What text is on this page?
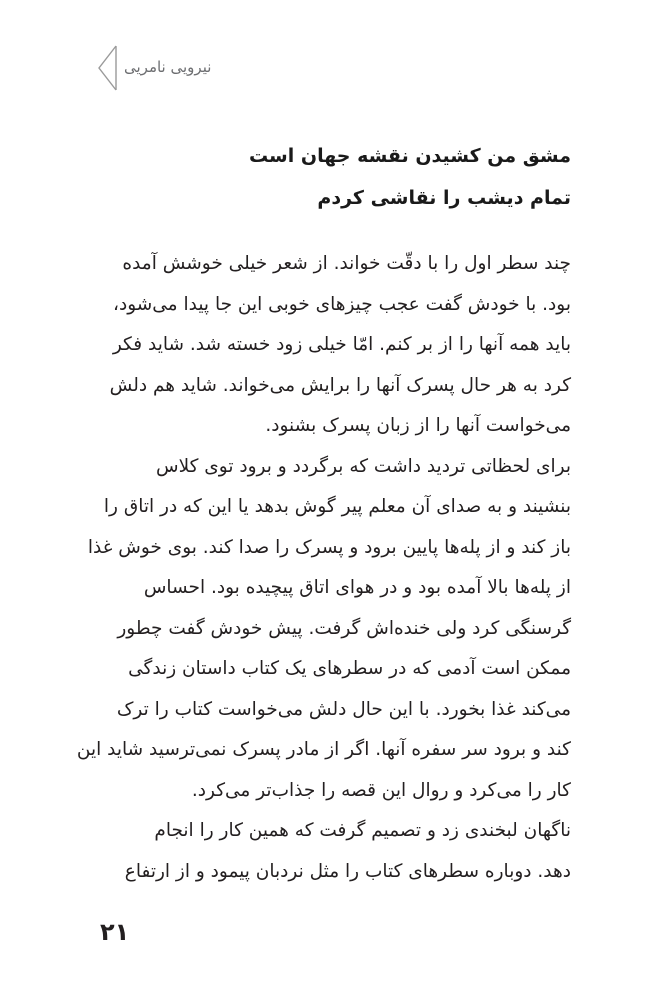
نیرویی نامریی
مشق من کشیدن نقشه جهان است
تمام دیشب را نقاشی کردم
چند سطر اول را با دقّت خواند. از شعر خیلی خوشش آمده
بود. با خودش گفت عجب چیزهای خوبی این جا پیدا می‌شود،
باید همه آنها را از بر کنم. امّا خیلی زود خسته شد. شاید فکر
کرد به هر حال پسرک آنها را برایش می‌خواند. شاید هم دلش
می‌خواست آنها را از زبان پسرک بشنود.
برای لحظاتی تردید داشت که برگردد و برود توی کلاس
بنشیند و به صدای آن معلم پیر گوش بدهد یا این که در اتاق را
باز کند و از پله‌ها پایین برود و پسرک را صدا کند. بوی خوش غذا
از پله‌ها بالا آمده بود و در هوای اتاق پیچیده بود. احساس
گرسنگی کرد ولی خنده‌اش گرفت. پیش خودش گفت چطور
ممکن است آدمی که در سطرهای یک کتاب داستان زندگی
می‌کند غذا بخورد. با این حال دلش می‌خواست کتاب را ترک
کند و برود سر سفره آنها. اگر از مادر پسرک نمی‌ترسید شاید این
کار را می‌کرد و روال این قصه را جذاب‌تر می‌کرد.
ناگهان لبخندی زد و تصمیم گرفت که همین کار را انجام
دهد. دوباره سطرهای کتاب را مثل نردبان پیمود و از ارتفاع
۲۱
